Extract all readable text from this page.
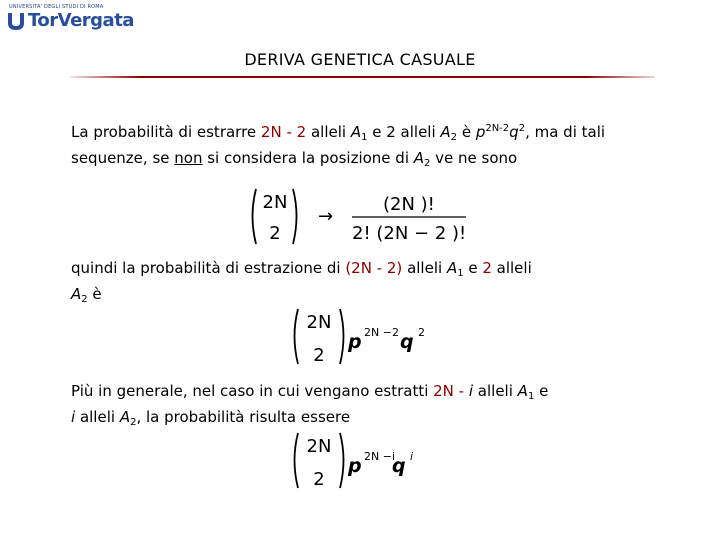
UNIVERSITA' DEGLI STUDI DI ROMA
TorVergata
DERIVA GENETICA CASUALE
La probabilità di estrarre 2N - 2 alleli $A_1$ e 2 alleli $A_2$ è $p^{2N-2}q^2$, ma di tali sequenze, se non si considera la posizione di $A_2$ ve ne sono
2N
2
→
(2N )!
2! (2N − 2 )!
quindi la probabilità di estrazione di (2N - 2) alleli $A_1$ e 2 alleli
$A_2$ è
2N
2
p 2N −2 q 2
Più in generale, nel caso in cui vengano estratti 2N - i alleli $A_1$ e
i alleli $A_2$, la probabilità risulta essere
2N
2
p 2N −i
q i
